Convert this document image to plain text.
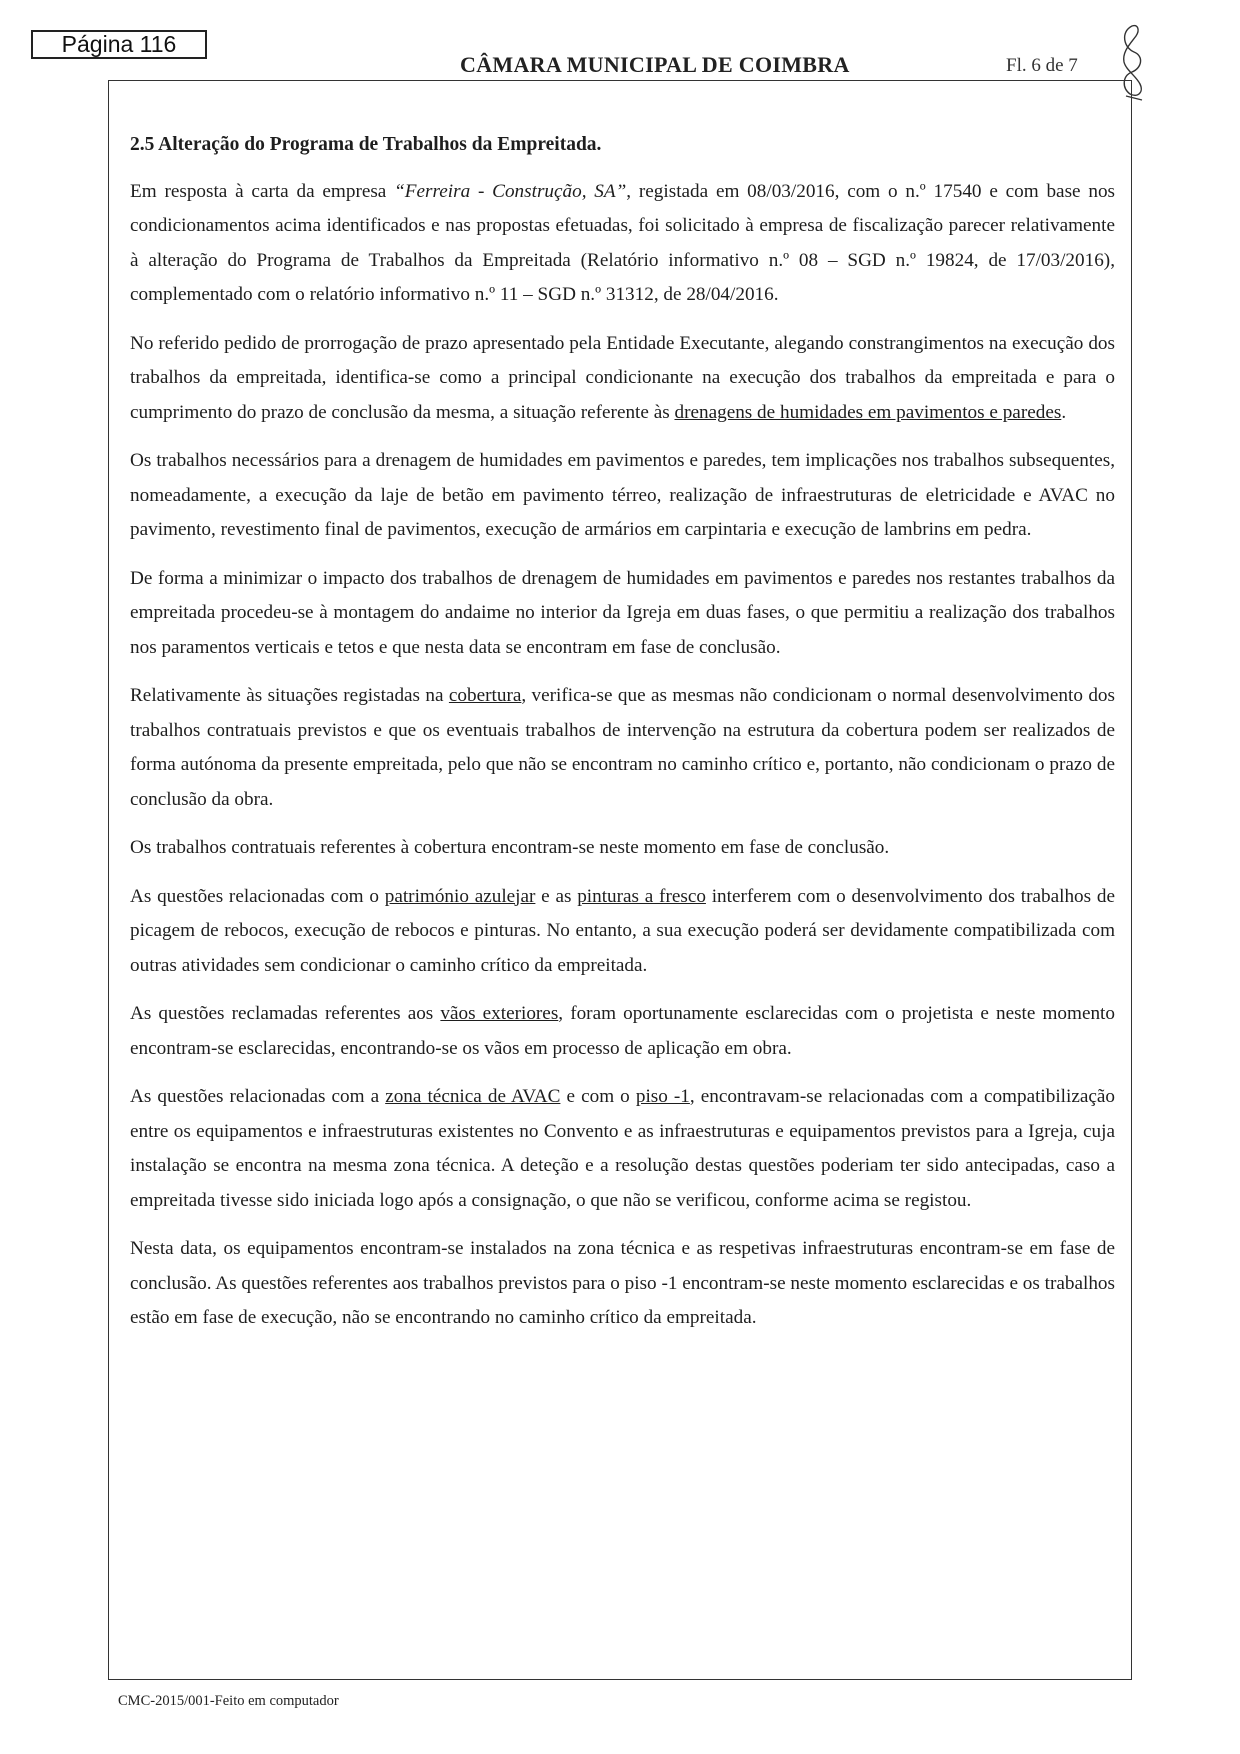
Página 116
CÂMARA MUNICIPAL DE COIMBRA	Fl. 6 de 7
2.5 Alteração do Programa de Trabalhos da Empreitada.

Em resposta à carta da empresa “Ferreira - Construção, SA”, registada em 08/03/2016, com o n.º 17540 e com base nos condicionamentos acima identificados e nas propostas efetuadas, foi solicitado à empresa de fiscalização parecer relativamente à alteração do Programa de Trabalhos da Empreitada (Relatório informativo n.º 08 – SGD n.º 19824, de 17/03/2016), complementado com o relatório informativo n.º 11 – SGD n.º 31312, de 28/04/2016.

No referido pedido de prorrogação de prazo apresentado pela Entidade Executante, alegando constrangimentos na execução dos trabalhos da empreitada, identifica-se como a principal condicionante na execução dos trabalhos da empreitada e para o cumprimento do prazo de conclusão da mesma, a situação referente às drenagens de humidades em pavimentos e paredes.

Os trabalhos necessários para a drenagem de humidades em pavimentos e paredes, tem implicações nos trabalhos subsequentes, nomeadamente, a execução da laje de betão em pavimento térreo, realização de infraestruturas de eletricidade e AVAC no pavimento, revestimento final de pavimentos, execução de armários em carpintaria e execução de lambrins em pedra.

De forma a minimizar o impacto dos trabalhos de drenagem de humidades em pavimentos e paredes nos restantes trabalhos da empreitada procedeu-se à montagem do andaime no interior da Igreja em duas fases, o que permitiu a realização dos trabalhos nos paramentos verticais e tetos e que nesta data se encontram em fase de conclusão.

Relativamente às situações registadas na cobertura, verifica-se que as mesmas não condicionam o normal desenvolvimento dos trabalhos contratuais previstos e que os eventuais trabalhos de intervenção na estrutura da cobertura podem ser realizados de forma autónoma da presente empreitada, pelo que não se encontram no caminho crítico e, portanto, não condicionam o prazo de conclusão da obra.

Os trabalhos contratuais referentes à cobertura encontram-se neste momento em fase de conclusão.

As questões relacionadas com o património azulejar e as pinturas a fresco interferem com o desenvolvimento dos trabalhos de picagem de rebocos, execução de rebocos e pinturas. No entanto, a sua execução poderá ser devidamente compatibilizada com outras atividades sem condicionar o caminho crítico da empreitada.

As questões reclamadas referentes aos vãos exteriores, foram oportunamente esclarecidas com o projetista e neste momento encontram-se esclarecidas, encontrando-se os vãos em processo de aplicação em obra.

As questões relacionadas com a zona técnica de AVAC e com o piso -1, encontravam-se relacionadas com a compatibilização entre os equipamentos e infraestruturas existentes no Convento e as infraestruturas e equipamentos previstos para a Igreja, cuja instalação se encontra na mesma zona técnica. A deteção e a resolução destas questões poderiam ter sido antecipadas, caso a empreitada tivesse sido iniciada logo após a consignação, o que não se verificou, conforme acima se registou.

Nesta data, os equipamentos encontram-se instalados na zona técnica e as respetivas infraestruturas encontram-se em fase de conclusão. As questões referentes aos trabalhos previstos para o piso -1 encontram-se neste momento esclarecidas e os trabalhos estão em fase de execução, não se encontrando no caminho crítico da empreitada.

CMC-2015/001-Feito em computador
